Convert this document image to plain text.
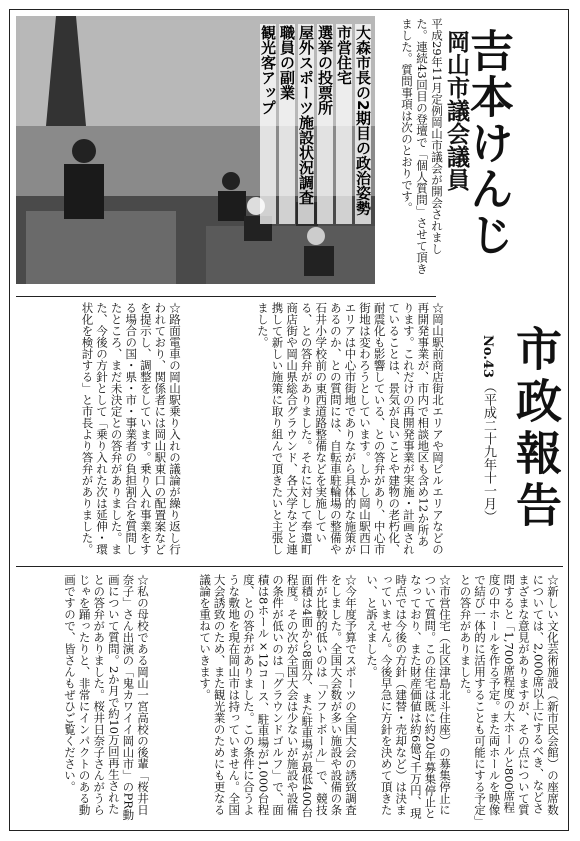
大森市長の2期目の政治姿勢
市営住宅
選挙の投票所
屋外スポーツ施設状況調査
職員の副業
観光客アップ	平成29年11月定例岡山市議会が開会されました。連続43回目の登壇で「個人質問」させて頂きました。質問事項は次のとおりです。	岡山市議会議員
吉本けんじ
市政報告
No.43
（平成二十九年十一月）

☆岡山駅前商店街北エリアや岡ビルエリアなどの再開発事業が、市内で相談地区も含め12か所あります。これだけの再開発事業が実施・計画されていることは、景気が良いことや建物の老朽化、耐震化も影響している、との答弁があり、中心市街地は変わろうとしています。しかし岡山駅西口エリアは中心市街地でありながら具体的な施策があるのか、との質問には、自転車駐輪場の整備や石井小学校前の東西道路整備などを実施している、との答弁がありました。それに対して奉還町商店街や岡山県総合グラウンド、各大学などと連携して新しい施策に取り組んで頂きたいと主張しました。

☆路面電車の岡山駅乗り入れの議論が繰り返し行われており、関係者には岡山駅東口の配置案などを提示し、調整をしています。乗り入れ事業をする場合の国・県・市・事業者の負担割合を質問したところ、まだ未決定との答弁がありました。また、今後の方針として「乗り入れた次は延伸・環状化を検討する」と市長より答弁がありました。

☆新しい文化芸術施設（新市民会館）の座席数については、2,000席以上にするべき、などさまざまな意見がありますが、その点について質問すると「1,700席程度の大ホールと800席程度の中ホールを作る予定。また両ホールを映像で結び一体的に活用することも可能にする予定」との答弁がありました。

☆市営住宅（北区津島北斗住座）の募集停止について質問。この住宅は既に約20年募集停止となっており、また財産価値は約6億7千万円、現時点では今後の方針（建替・売却など）は決まっていません。今後早急に方針を決めて頂きたい、と訴えました。

☆今年度予算でスポーツの全国大会の誘致調査をしました。全国大会数が多い施設や設備の条件が比較的低いのは「ソフトボール」で、競技面積は4面から8面分、また駐車場が最低400台程度。その次が全国大会は少ないが施設や設備の条件が低いのは「グラウンドゴルフ」で、面積は8ホール×12コース、駐車場が1,000台程度、との答弁がありました。この条件に合うような敷地を現在岡山市は持っていません。全国大会誘致のため、また観光業のためにも更なる議論を重ねていきます。

☆私の母校である岡山一宮高校の後輩「桜井日奈子」さん出演の「鬼カワイイ岡山市」のPR動画について質問。2か月で約10万回再生されたとの答弁がありました。桜井日奈子さんがうらじゃを踊ったりと、非常にインパクトのある動画ですので、皆さんもぜひご覧ください。
